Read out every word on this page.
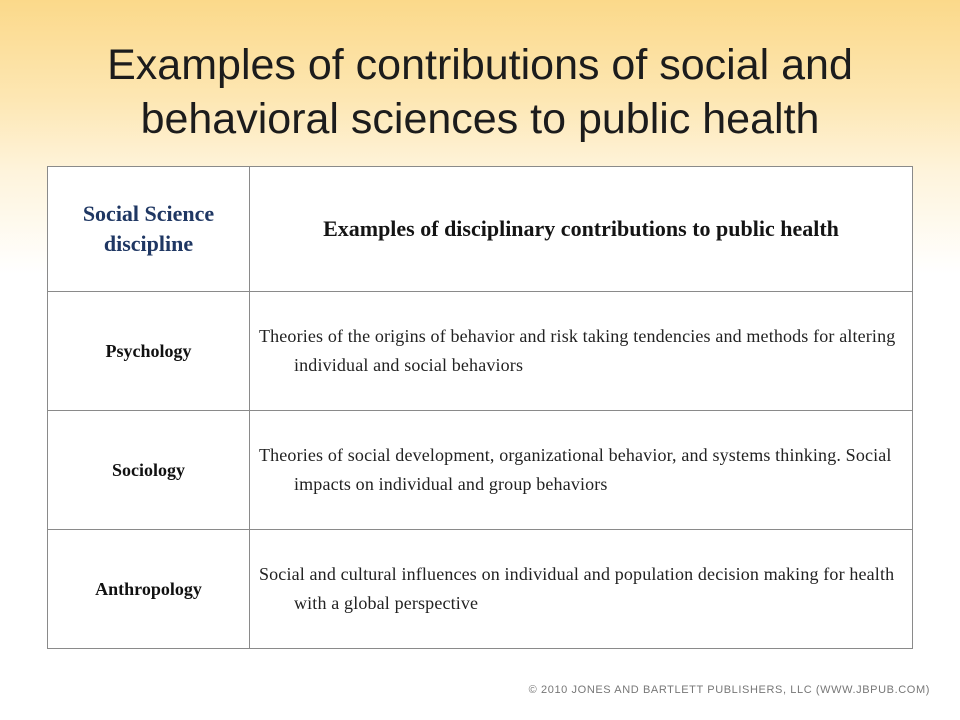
Examples of contributions of social and
behavioral sciences to public health
Social Science discipline	Examples of disciplinary contributions to public health
Psychology	Theories of the origins of behavior and risk taking tendencies and methods for altering individual and social behaviors
Sociology	Theories of social development, organizational behavior, and systems thinking. Social impacts on individual and group behaviors
Anthropology	Social and cultural influences on individual and population decision making for health with a global perspective
© 2010 JONES AND BARTLETT PUBLISHERS, LLC (WWW.JBPUB.COM)
